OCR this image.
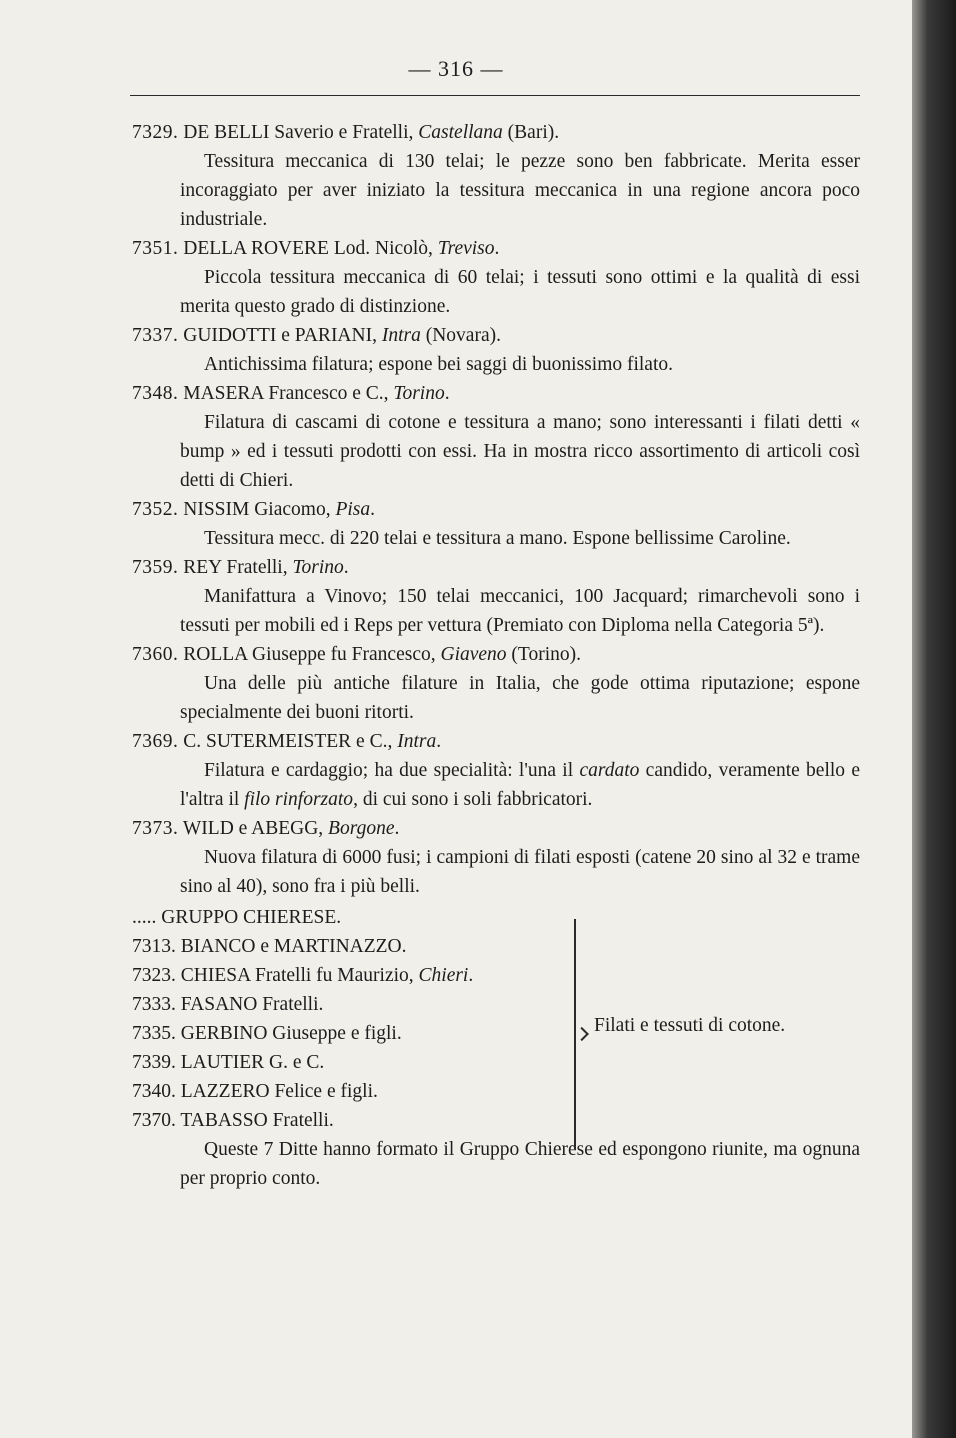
— 316 —

7329. DE BELLI Saverio e Fratelli, Castellana (Bari).

Tessitura meccanica di 130 telai; le pezze sono ben fabbricate. Merita esser incoraggiato per aver iniziato la tessitura meccanica in una regione ancora poco industriale.

7351. DELLA ROVERE Lod. Nicolò, Treviso.

Piccola tessitura meccanica di 60 telai; i tessuti sono ottimi e la qualità di essi merita questo grado di distinzione.

7337. GUIDOTTI e PARIANI, Intra (Novara).

Antichissima filatura; espone bei saggi di buonissimo filato.

7348. MASERA Francesco e C., Torino.

Filatura di cascami di cotone e tessitura a mano; sono interessanti i filati detti « bump » ed i tessuti prodotti con essi. Ha in mostra ricco assortimento di articoli così detti di Chieri.

7352. NISSIM Giacomo, Pisa.

Tessitura mecc. di 220 telai e tessitura a mano. Espone bellissime Caroline.

7359. REY Fratelli, Torino.

Manifattura a Vinovo; 150 telai meccanici, 100 Jacquard; rimarchevoli sono i tessuti per mobili ed i Reps per vettura (Premiato con Diploma nella Categoria 5ª).

7360. ROLLA Giuseppe fu Francesco, Giaveno (Torino).

Una delle più antiche filature in Italia, che gode ottima riputazione; espone specialmente dei buoni ritorti.

7369. C. SUTERMEISTER e C., Intra.

Filatura e cardaggio; ha due specialità: l'una il cardato candido, veramente bello e l'altra il filo rinforzato, di cui sono i soli fabbricatori.

7373. WILD e ABEGG, Borgone.

Nuova filatura di 6000 fusi; i campioni di filati esposti (catene 20 sino al 32 e trame sino al 40), sono fra i più belli.

..... GRUPPO CHIERESE.

7313. BIANCO e MARTINAZZO.

7323. CHIESA Fratelli fu Maurizio, Chieri.

7333. FASANO Fratelli.

7335. GERBINO Giuseppe e figli.

7339. LAUTIER G. e C.

7340. LAZZERO Felice e figli.

7370. TABASSO Fratelli.

Filati e tessuti di cotone.

Queste 7 Ditte hanno formato il Gruppo Chierese ed espongono riunite, ma ognuna per proprio conto.
